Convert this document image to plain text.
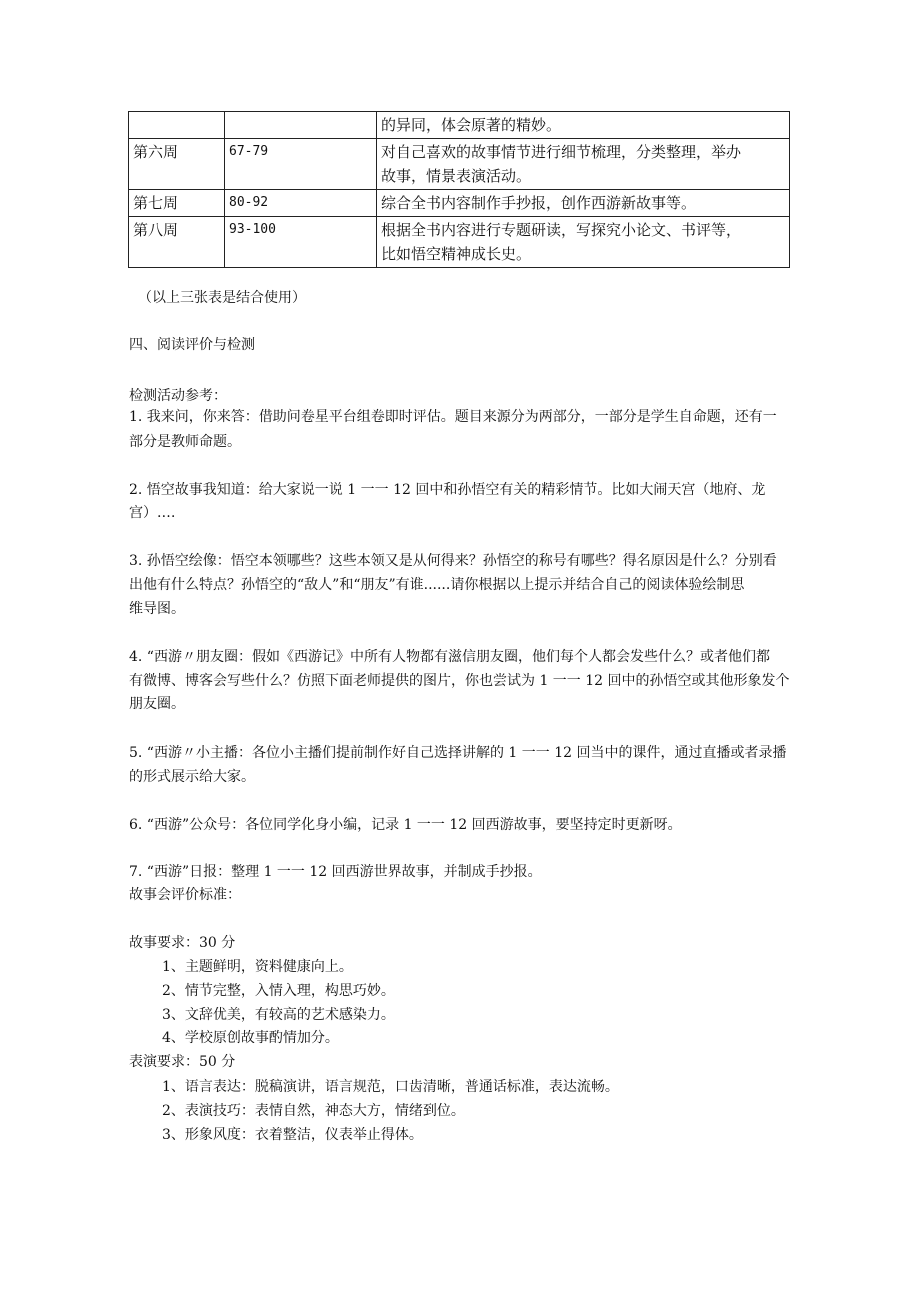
		的异同，体会原著的精妙。
第六周	67-79	对自己喜欢的故事情节进行细节梳理，分类整理，举办
故事，情景表演活动。
第七周	80-92	综合全书内容制作手抄报，创作西游新故事等。
第八周	93-100	根据全书内容进行专题研读，写探究小论文、书评等，
比如悟空精神成长史。
（以上三张表是结合使用）
四、阅读评价与检测
检测活动参考：
1. 我来问，你来答：借助问卷星平台组卷即时评估。题目来源分为两部分，一部分是学生自命题，还有一
部分是教师命题。
2. 悟空故事我知道：给大家说一说 1 一一 12 回中和孙悟空有关的精彩情节。比如大闹天宫（地府、龙
宫）.…
3. 孙悟空绘像：悟空本领哪些？这些本领又是从何得来？孙悟空的称号有哪些？得名原因是什么？分别看
出他有什么特点？孙悟空的“敌人”和“朋友”有谁......请你根据以上提示并结合自己的阅读体验绘制思
维导图。
4. “西游〃朋友圈：假如《西游记》中所有人物都有滋信朋友圈，他们每个人都会发些什么？或者他们都
有微博、博客会写些什么？仿照下面老师提供的图片，你也尝试为 1 一一 12 回中的孙悟空或其他形象发个
朋友圈。
5. “西游〃小主播：各位小主播们提前制作好自己选择讲解的 1 一一 12 回当中的课件，通过直播或者录播
的形式展示给大家。
6. “西游”公众号：各位同学化身小编，记录 1 一一 12 回西游故事，要坚持定时更新呀。
7. “西游”日报：整理 1 一一 12 回西游世界故事，并制成手抄报。
故事会评价标准：
故事要求：30 分
1、主题鲜明，资料健康向上。
2、情节完整，入情入理，构思巧妙。
3、文辞优美，有较高的艺术感染力。
4、学校原创故事酌情加分。
表演要求：50 分
1、语言表达：脱稿演讲，语言规范，口齿清晰，普通话标准，表达流畅。
2、表演技巧：表情自然，神态大方，情绪到位。
3、形象风度：衣着整洁，仪表举止得体。
